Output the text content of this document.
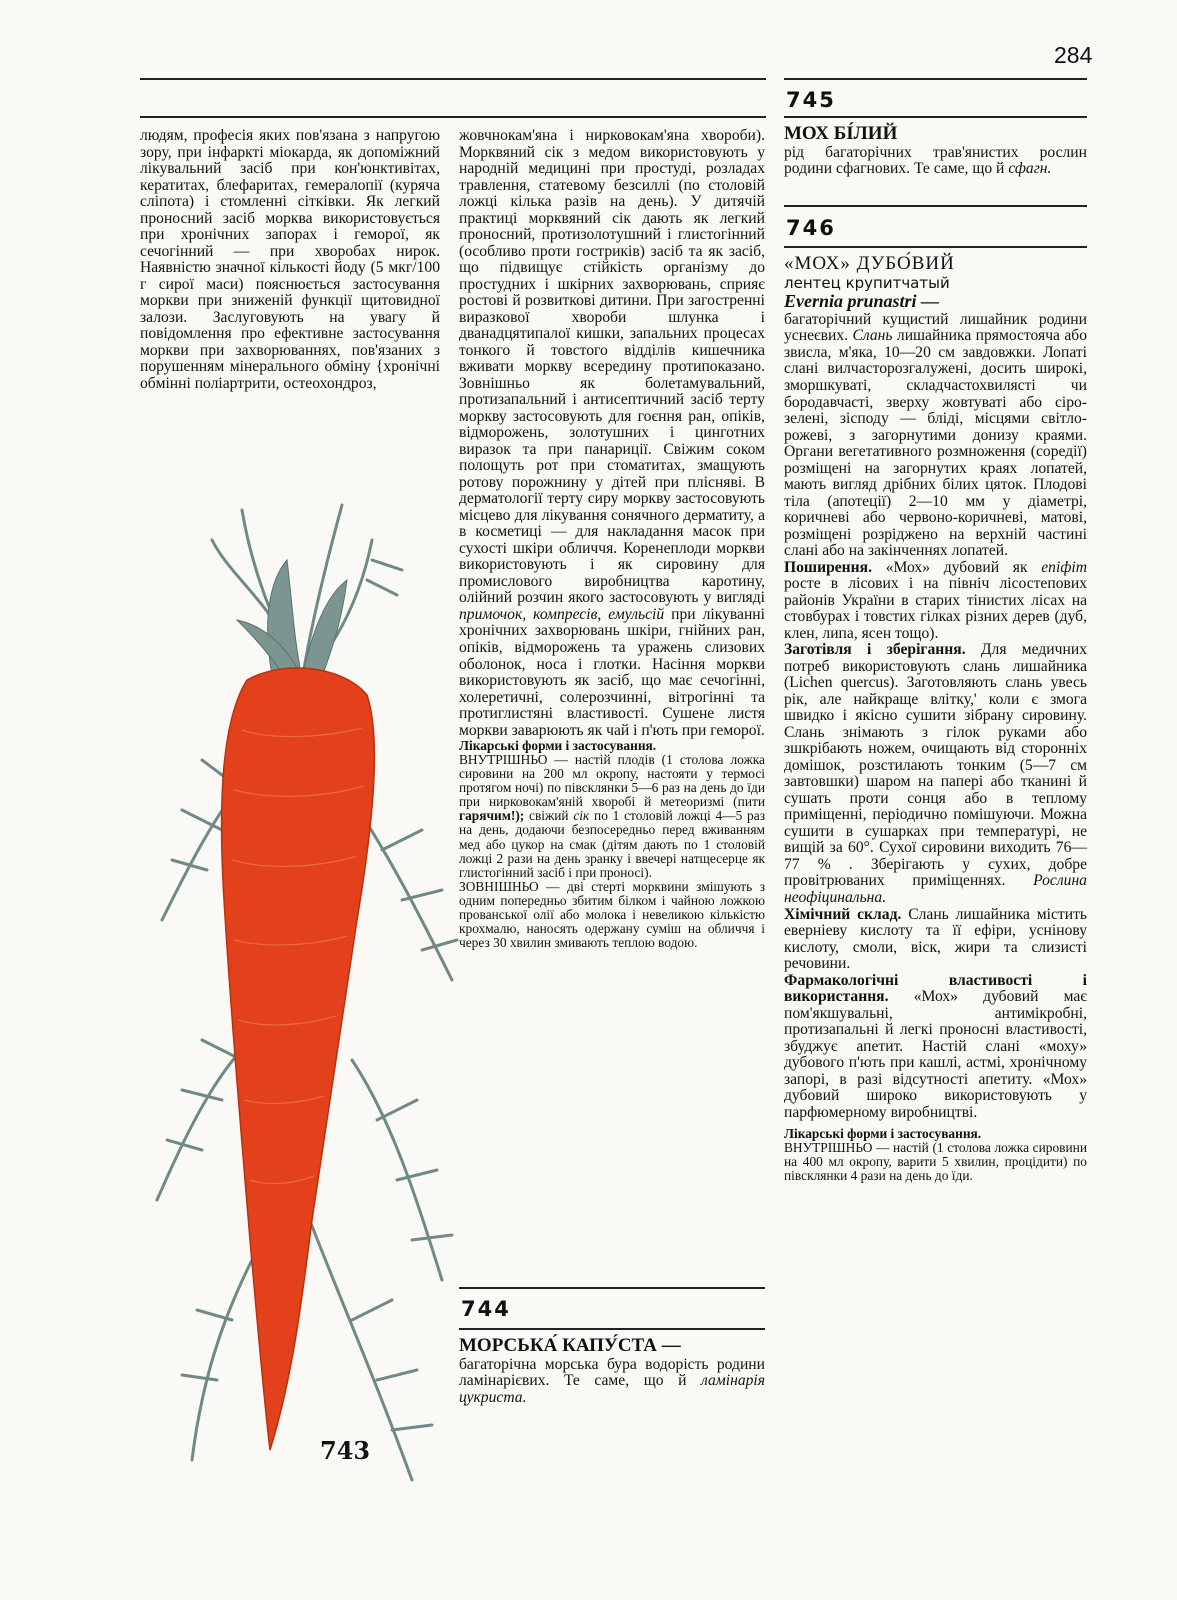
284

людям, професія яких пов'язана з напругою зору, при інфаркті міокарда, як допоміжний лікувальний засіб при кон'юнктивітах, кератитах, блефаритах, гемералопії (куряча сліпота) і стомленні сітківки. Як легкий проносний засіб морква використовується при хронічних запорах і геморої, як сечогінний — при хворобах нирок. Наявністю значної кількості йоду (5 мкг/100 г сирої маси) пояснюється застосування моркви при зниженій функції щитовидної залози. Заслуговують на увагу й повідомлення про ефективне застосування моркви при захворюваннях, пов'язаних з порушенням мінерального обміну {хронічні обмінні поліартрити, остеохондроз,

743

жовчнокам'яна і нирковокам'яна хвороби). Морквяний сік з медом використовують у народній медицині при простуді, розладах травлення, статевому безсиллі (по столовій ложці кілька разів на день). У дитячій практиці морквяний сік дають як легкий проносний, протизолотушний і глистогінний (особливо проти гостриків) засіб та як засіб, що підвищує стійкість організму до простудних і шкірних захворювань, сприяє ростові й розвиткові дитини. При загостренні виразкової хвороби шлунка і дванадцятипалої кишки, запальних процесах тонкого й товстого відділів кишечника вживати моркву всередину протипоказано. Зовнішньо як болетамувальний, протизапальний і антисептичний засіб терту моркву застосовують для гоєння ран, опіків, відморожень, золотушних і цинготних виразок та при панариції. Свіжим соком полощуть рот при стоматитах, змащують ротову порожнину у дітей при плісняві. В дерматології терту сиру моркву застосовують місцево для лікування сонячного дерматиту, а в косметиці — для накладання масок при сухості шкіри обличчя. Коренеплоди моркви використовують і як сировину для промислового виробництва каротину, олійний розчин якого застосовують у вигляді примочок, компресів, емульсій при лікуванні хронічних захворювань шкіри, гнійних ран, опіків, відморожень та уражень слизових оболонок, носа і глотки. Насіння моркви використовують як засіб, що має сечогінні, холеретичні, солерозчинні, вітрогінні та протиглистяні властивості. Сушене листя моркви заварюють як чай і п'ють при геморої.

Лікарські форми і застосування.

ВНУТРІШНЬО — настій плодів (1 столова ложка сировини на 200 мл окропу, настояти у термосі протягом ночі) по півсклянки 5—6 раз на день до їди при нирковокам'яній хворобі й метеоризмі (пити гарячим!); свіжий сік по 1 столовій ложці 4—5 раз на день, додаючи безпосередньо перед вживанням мед або цукор на смак (дітям дають по 1 столовій ложці 2 рази на день зранку і ввечері натщесерце як глистогінний засіб і при проносі).

ЗОВНІШНЬО — дві стерті морквини змішують з одним попередньо збитим білком і чайною ложкою прованської олії або молока і невеликою кількістю крохмалю, наносять одержану суміш на обличчя і через 30 хвилин змивають теплою водою.

744

МОРСЬКА́ КАПУ́СТА —

багаторічна морська бура водорість родини ламінарієвих. Те саме, що й ламінарія цукриста.

745

МОХ БІ́ЛИЙ

рід багаторічних трав'янистих рослин родини сфагнових. Те саме, що й сфагн.

746

«МОХ» ДУБО́ВИЙ

лентец крупитчатый

Evernia prunastri —

багаторічний кущистий лишайник родини уснеєвих. Слань лишайника прямостояча або звисла, м'яка, 10—20 см завдовжки. Лопаті слані вилчасторозгалужені, досить широкі, зморшкуваті, складчастохвилясті чи бородавчасті, зверху жовтуваті або сіро-зелені, зісподу — бліді, місцями світло-рожеві, з загорнутими донизу краями. Органи вегетативного розмноження (соредії) розміщені на загорнутих краях лопатей, мають вигляд дрібних білих цяток. Плодові тіла (апотеції) 2—10 мм у діаметрі, коричневі або червоно-коричневі, матові, розміщені розріджено на верхній частині слані або на закінченнях лопатей.

Поширення. «Мох» дубовий як епіфіт росте в лісових і на північ лісостепових районів України в старих тінистих лісах на стовбурах і товстих гілках різних дерев (дуб, клен, липа, ясен тощо).

Заготівля і зберігання. Для медичних потреб використовують слань лишайника (Lichen quercus). Заготовляють слань увесь рік, але найкраще влітку,' коли є змога швидко і якісно сушити зібрану сировину. Слань знімають з гілок руками або зшкрібають ножем, очищають від сторонніх домішок, розстилають тонким (5—7 см завтовшки) шаром на папері або тканині й сушать проти сонця або в теплому приміщенні, періодично помішуючи. Можна сушити в сушарках при температурі, не вищій за 60°. Сухої сировини виходить 76—77 % . Зберігають у сухих, добре провітрюваних приміщеннях. Рослина неофіцинальна.

Хімічний склад. Слань лишайника містить еверніеву кислоту та її ефіри, уснінову кислоту, смоли, віск, жири та слизисті речовини.

Фармакологічні властивості і використання. «Мох» дубовий має пом'якшувальні, антимікробні, протизапальні й легкі проносні властивості, збуджує апетит. Настій слані «моху» дубового п'ють при кашлі, астмі, хронічному запорі, в разі відсутності апетиту. «Мох» дубовий широко використовують у парфюмерному виробництві.

Лікарські форми і застосування.

ВНУТРІШНЬО — настій (1 столова ложка сировини на 400 мл окропу, варити 5 хвилин, процідити) по півсклянки 4 рази на день до їди.
